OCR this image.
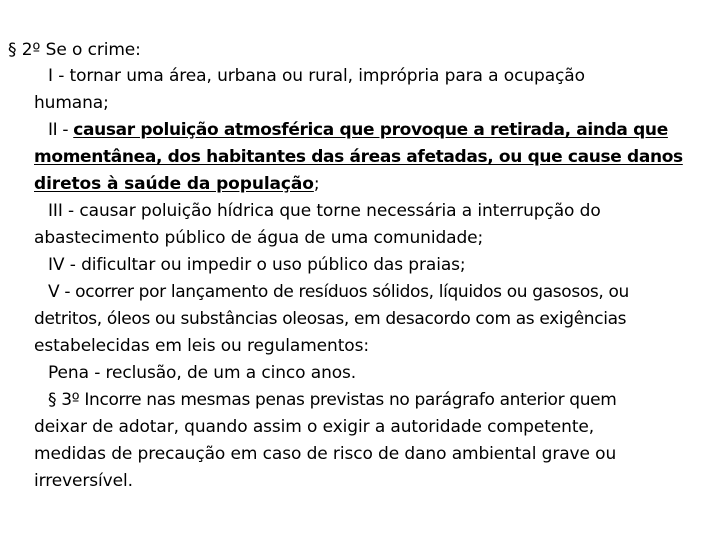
§ 2º Se o crime:
I - tornar uma área, urbana ou rural, imprópria para a ocupação
humana;
II - causar poluição atmosférica que provoque a retirada, ainda que
momentânea, dos habitantes das áreas afetadas, ou que cause danos
diretos à saúde da população;
III - causar poluição hídrica que torne necessária a interrupção do
abastecimento público de água de uma comunidade;
IV - dificultar ou impedir o uso público das praias;
V - ocorrer por lançamento de resíduos sólidos, líquidos ou gasosos, ou
detritos, óleos ou substâncias oleosas, em desacordo com as exigências
estabelecidas em leis ou regulamentos:
Pena - reclusão, de um a cinco anos.
§ 3º Incorre nas mesmas penas previstas no parágrafo anterior quem
deixar de adotar, quando assim o exigir a autoridade competente,
medidas de precaução em caso de risco de dano ambiental grave ou
irreversível.
